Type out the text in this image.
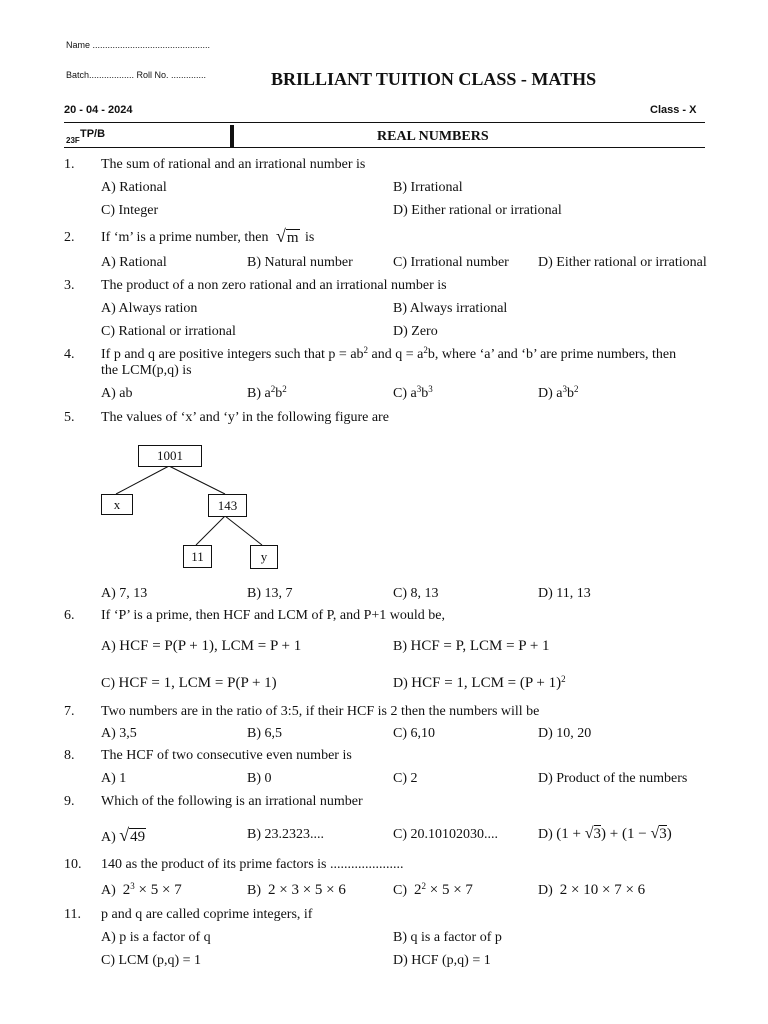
Name ...............................................
Batch.................. Roll No. ..............	BRILLIANT TUITION CLASS - MATHS
20 - 04 - 2024	Class - X
23F
TP/B	REAL NUMBERS
1. The sum of rational and an irrational number is
A) Rational	B) Irrational
C) Integer	D) Either rational or irrational
2. If ‘m’ is a prime number, then √m is
A) Rational	B) Natural number	C) Irrational number D) Either rational or irrational
3. The product of a non zero rational and an irrational number is
A) Always ration	B) Always irrational
C) Rational or irrational	D) Zero
4. If p and q are positive integers such that $p = ab^2$ and $q = a^2b$, where ‘a’ and ‘b’ are prime numbers, then
the LCM(p,q) is
A) ab	B) $a^2b^2$	C) $a^3b^3$	D) $a^3b^2$
5. The values of ‘x’ and ‘y’ in the following figure are
1001
x	143
11	y
A) 7, 13	B) 13, 7	C) 8, 13	D) 11, 13
6. If ‘P’ is a prime, then HCF and LCM of P, and P+1 would be,
A) HCF = P(P + 1), LCM = P + 1	B) HCF = P, LCM = P + 1
C) HCF = 1, LCM = P(P + 1)	D) HCF = 1, LCM = $(P + 1)^2$
7. Two numbers are in the ratio of 3:5, if their HCF is 2 then the numbers will be
A) 3,5	B) 6,5	C) 6,10	D) 10, 20
8. The HCF of two consecutive even number is
A) 1	B) 0	C) 2	D) Product of the numbers
9. Which of the following is an irrational number
A) √49	B) 23.2323....	C) 20.10102030....	D) (1 + √3) + (1 − √3)
10. 140 as the product of its prime factors is .....................
A) $2^3 \times 5 \times 7$	B) 2 × 3 × 5 × 6	C) $2^2 \times 5 \times 7$	D) 2 × 10 × 7 × 6
11. p and q are called coprime integers, if
A) p is a factor of q	B) q is a factor of p
C) LCM (p,q) = 1	D) HCF (p,q) = 1
